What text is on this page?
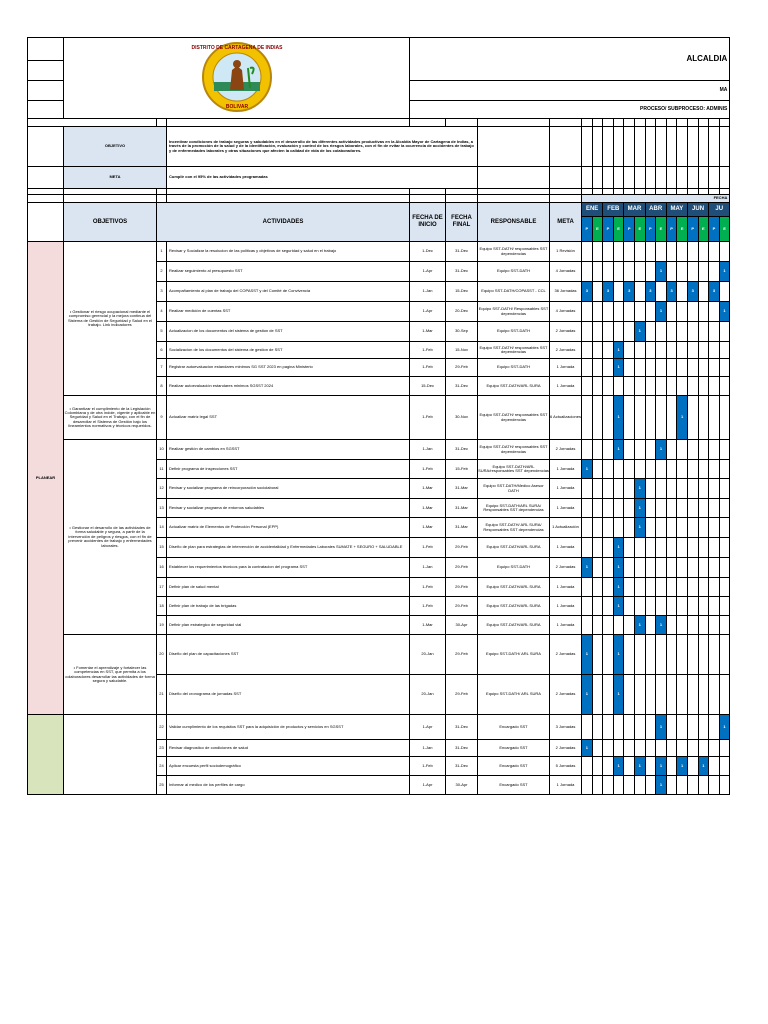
DISTRITO DE CARTAGENA DE INDIAS
BOLIVAR			ALCALDIA																	

				MA																	
				PROCESO/ SUBPROCESO: ADMINIS																	

	OBJETIVO		Incentivar condiciones de trabajo seguras y saludables en el desarrollo de las diferentes actividades productivas en la Alcaldía Mayor de Cartagena de Indias, a través de la promoción de la salud y de la identificación, evaluación y control de los riesgos laborales, con el fin de evitar la ocurrencia de accidentes de trabajo y de enfermedades laborales y otras situaciones que afecten la calidad de vida de los colaboradores.																		
	META		Cumplir con el 95% de las actividades programadas																		

								FECHA													
	OBJETIVOS	ACTIVIDADES		FECHA DE INICIO	FECHA FINAL	RESPONSABLE	META	ENE		FEB		MAR		ABR		MAY		JUN		JU	
								P	E	P	E	P	E	P	E	P	E	P	E	P	E
PLANEAR	• Gestionar el riesgo ocupacional mediante el compromiso gerencial y la mejora continua del Sistema de Gestión de Seguridad y Salud en el trabajo. Link indicadores	1	Revisar y Socializar la resolucion de las politicas y objetivos de seguridad y salud en el trabajo	1-Dec	31-Dec	Equipo SST-DATH/ responsables SST dependencias	1 Revisión														
		2	Realizar seguimiento al presupuesto SST	1-Apr	31-Dec	Equipo SST-DATH	4 Jornadas								1						1
		3	Acompañamiento al plan de trabajo del COPASST y del Comité de Convivencia	1-Jan	15-Dec	Equipo SST-DATH/COPASST - CCL	36 Jornadas	3		3		3		3		3		3		3	
		4	Realizar medición de cuentas SST	1-Apr	20-Dec	Equipo SST-DATH/ Responsables SST dependencias	4 Jornadas								1						1
		5	Actualizacion de los documentos del sistema de gestion de SST	1-Mar	30-Sep	Equipo SST-DATH	2 Jornadas						1								
		6	Socializacion de los documentos del sistema de gestion de SST	1-Feb	15-Nov	Equipo SST-DATH/ responsables SST dependencias	2 Jornadas				1										
		7	Registrar autoevaluacion estandares minimos SG SST 2023 en pagina Ministerio	1-Feb	29-Feb	Equipo SST-DATH	1 Jornada				1										
		8	Realizar autoevaluación estandares minimos SGSST 2024	15-Dec	31-Dec	Equipo SST-DATH/ARL SURA	1 Jornada														
	• Garantizar el cumplimiento de la Legislación Colombiana y de otra índole, vigente y aplicable en Seguridad y Salud en el Trabajo, con el fin de desarrollar el Sistema de Gestión bajo los lineamientos normativos y técnicos requeridos.	9	Actualizar matriz legal SST	1-Feb	30-Nov	Equipo SST-DATH/ responsables SST dependencias	6 Actualizaciones				1						1				
	• Gestionar el desarrollo de las actividades de forma saludable y segura, a partir de la intervención de peligros y riesgos, con el fin de prevenir accidentes de trabajo y enfermedades laborales.	10	Realizar gestión de cambios en SGSST	1-Jan	31-Dec	Equipo SST-DATH/ responsables SST dependencias	2 Jornadas				1				1						
		11	Definir programa de inspecciones SST	1-Feb	15-Feb	Equipo SST-DATH/ARL SURA/responsables SST dependencias	1 Jornada	1													
		12	Revisar y socializar programa de reincorporación sociolaboral	1-Mar	31-Mar	Equipo SST-DATH/Medico Asesor DATH	1 Jornada						1								
		13	Revisar y socializar programa de entornos saludables	1-Mar	31-Mar	Equipo SST-DATH/ARL SURA/ Responsables SST dependencias	1 Jornada						1								
		14	Actualizar matriz de Elementos de Protección Personal (EPP)	1-Mar	31-Mar	Equipo SST-DATH/ ARL SURA/ Responsables SST dependencias	1 Actualización						1								
		15	Diseño de plan para estrategias de intervención de accidentalidad y Enfermedades Laborales SUMATE + SEGURO + SALUDABLE	1-Feb	29-Feb	Equipo SST-DATH/ARL SURA	1 Jornada				1										
		16	Establecer los requerimientos técnicos para la contratacion del programa SST	1-Jan	29-Feb	Equipo SST-DATH	2 Jornadas	1			1										
		17	Definir plan de salud mental	1-Feb	29-Feb	Equipo SST-DATH/ARL SURA	1 Jornada				1										
		18	Definir plan de trabajo de las brigadas	1-Feb	29-Feb	Equipo SST-DATH/ARL SURA	1 Jornada				1										
		19	Definir plan estrategico de seguridad vial	1-Mar	30-Apr	Equipo SST-DATH/ARL SURA	1 Jornada						1		1						
	• Fomentar el aprendizaje y fortalecer las competencias en SST, que permita a los colaboradores desarrollar las actividades de forma segura y saludable.	20	Diseño del plan de capacitaciones SST	20-Jan	29-Feb	Equipo SST-DATH/ ARL SURA	2 Jornadas	1			1										
		21	Diseño del cronograma de jornadas SST	20-Jan	29-Feb	Equipo SST-DATH/ ARL SURA	2 Jornadas	1			1										
		22	Validar cumplimiento de los requisitos SST para la adquisición de productos y servicios en SGSST	1-Apr	31-Dec	Encargado SST	3 Jornadas								1						1
		23	Revisar diagnostico de condiciones de salud	1-Jan	31-Dec	Encargado SST	2 Jornadas	1													
		24	Aplicar encuesta perfil sociodemográfico	1-Feb	31-Dec	Encargado SST	5 Jornadas				1		1		1		1		1		
		25	Informar al medico de los perfiles de cargo	1-Apr	30-Apr	Encargado SST	1 Jornada								1						
